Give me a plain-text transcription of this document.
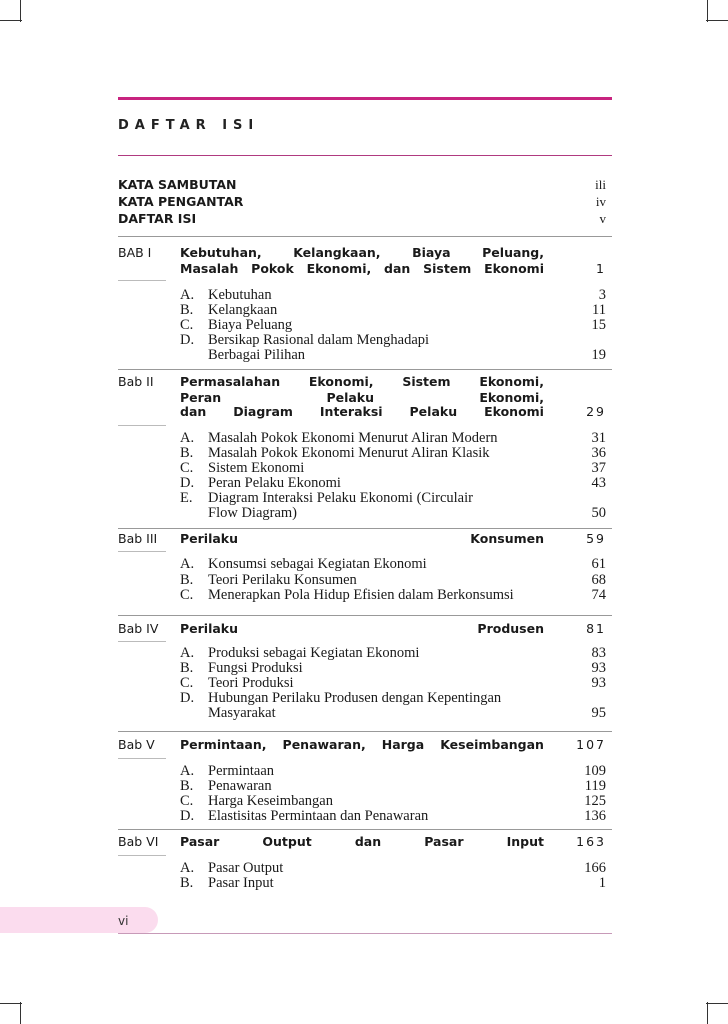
DAFTAR ISI
KATA SAMBUTAN	ili
KATA PENGANTAR	iv
DAFTAR ISI	v
BAB I Kebutuhan,	Kelangkaan,	Biaya	Peluang,
Masalah Pokok Ekonomi, dan Sistem Ekonomi	1
A. Kebutuhan	3
B. Kelangkaan	11
C. Biaya Peluang	15
D. Bersikap Rasional dalam Menghadapi
Berbagai Pilihan	19
Bab II Permasalahan Ekonomi, Sistem Ekonomi,
Peran	Pelaku	Ekonomi,
dan Diagram Interaksi Pelaku Ekonomi	29
A. Masalah Pokok Ekonomi Menurut Aliran Modern	31
B. Masalah Pokok Ekonomi Menurut Aliran Klasik	36
C. Sistem Ekonomi	37
D. Peran Pelaku Ekonomi	43
E. Diagram Interaksi Pelaku Ekonomi (Circulair
Flow Diagram)	50
Bab III Perilaku	Konsumen	59
A. Konsumsi sebagai Kegiatan Ekonomi	61
B. Teori Perilaku Konsumen	68
C. Menerapkan Pola Hidup Efisien dalam Berkonsumsi	74
Bab IV Perilaku	Produsen	81
A. Produksi sebagai Kegiatan Ekonomi	83
B. Fungsi Produksi	93
C. Teori Produksi	93
D. Hubungan Perilaku Produsen dengan Kepentingan
Masyarakat	95
Bab V Permintaan, Penawaran, Harga Keseimbangan	107
A. Permintaan	109
B. Penawaran	119
C. Harga Keseimbangan	125
D. Elastisitas Permintaan dan Penawaran	136
Bab VI Pasar	Output	dan	Pasar	Input	163
A. Pasar Output	166
B. Pasar Input	1
vi
